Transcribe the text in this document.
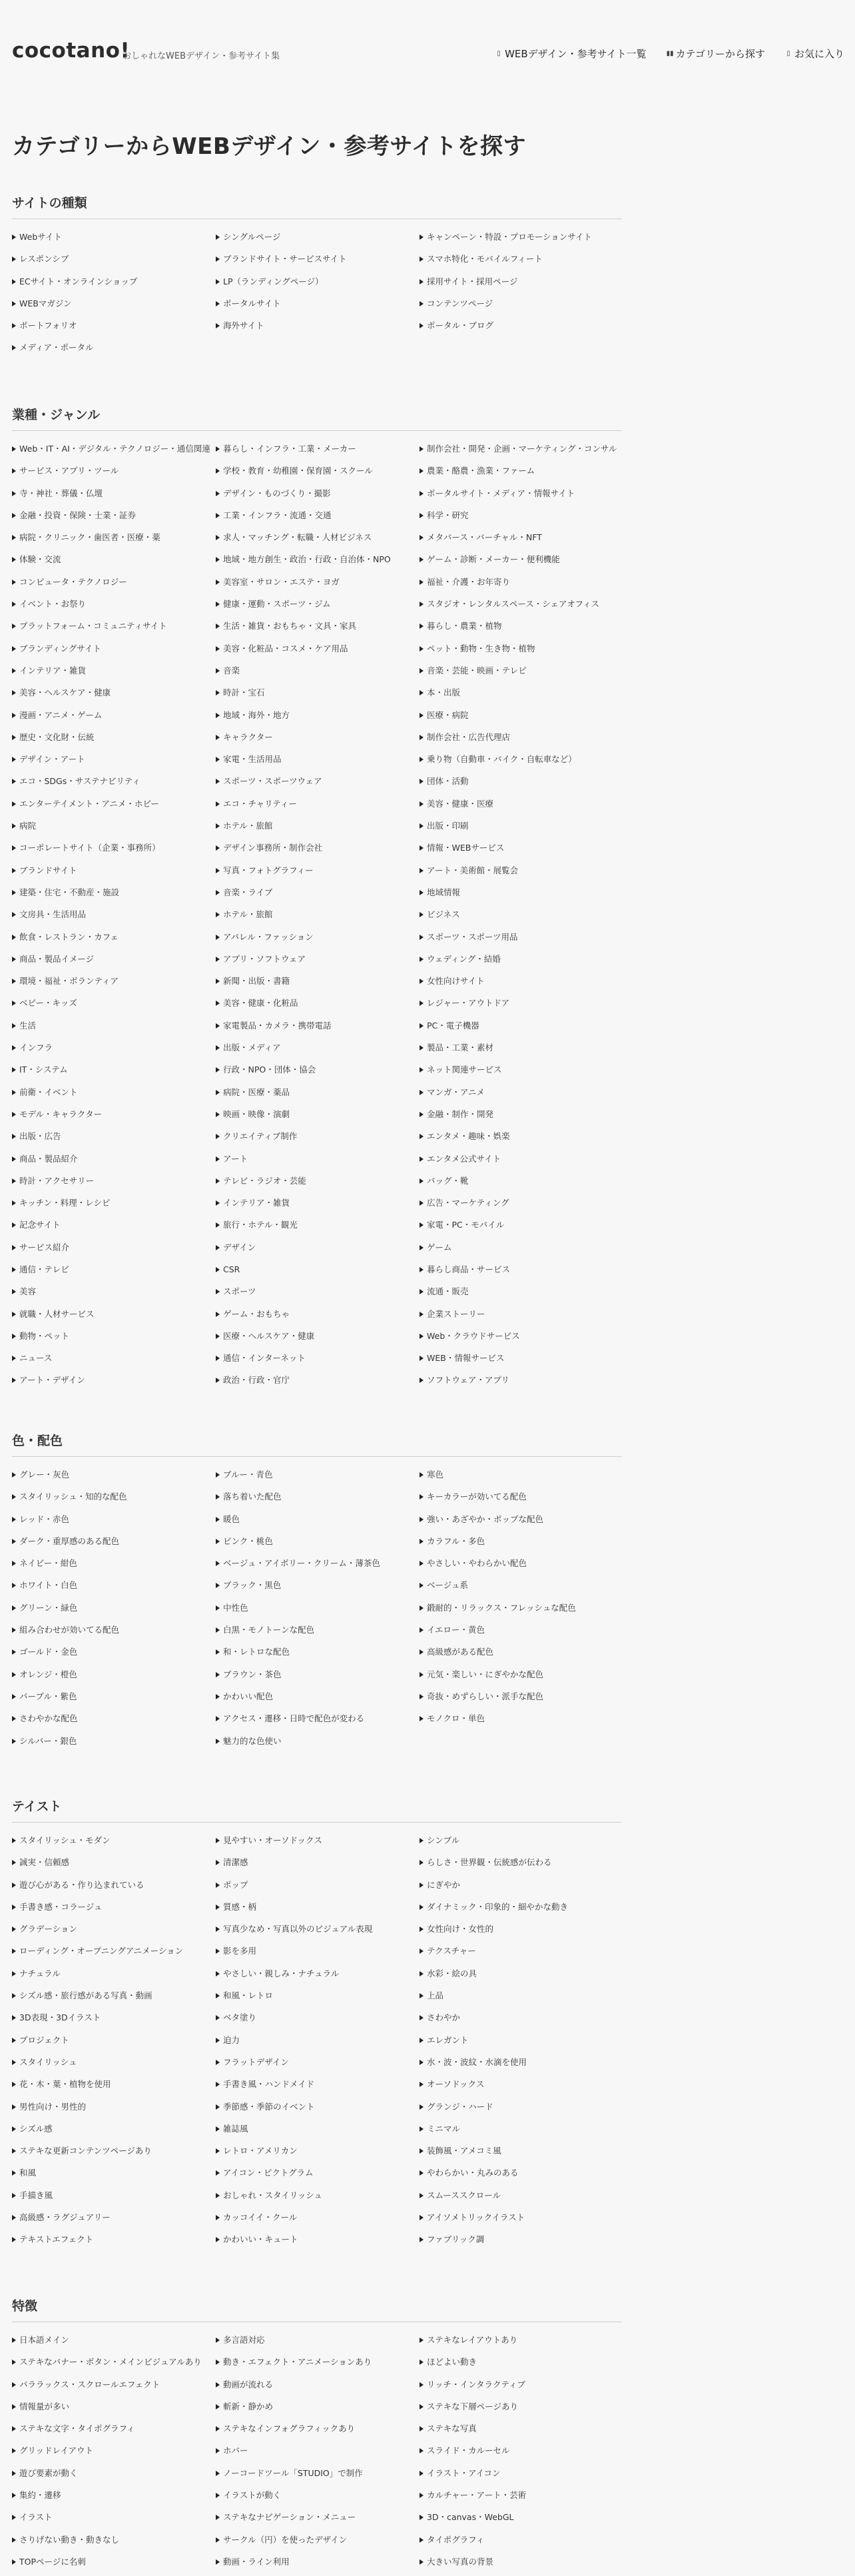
cocotano!
おしゃれなWEBデザイン・参考サイト集	▯ WEBデザイン・参考サイト一覧	▮▮ カテゴリーから探す	▯ お気に入り
カテゴリーからWEBデザイン・参考サイトを探す
サイトの種類
Webサイト	シングルページ	キャンペーン・特設・プロモーションサイト
レスポンシブ	ブランドサイト・サービスサイト	スマホ特化・モバイルフィート
ECサイト・オンラインショップ	LP（ランディングページ）	採用サイト・採用ページ
WEBマガジン	ポータルサイト	コンテンツページ
ポートフォリオ	海外サイト	ポータル・ブログ
メディア・ポータル
業種・ジャンル
Web・IT・AI・デジタル・テクノロジー・通信関連	暮らし・インフラ・工業・メーカー	制作会社・開発・企画・マーケティング・コンサル
サービス・アプリ・ツール	学校・教育・幼稚園・保育園・スクール	農業・酪農・漁業・ファーム
寺・神社・葬儀・仏壇	デザイン・ものづくり・撮影	ポータルサイト・メディア・情報サイト
金融・投資・保険・士業・証券	工業・インフラ・流通・交通	科学・研究
病院・クリニック・歯医者・医療・薬	求人・マッチング・転職・人材ビジネス	メタバース・バーチャル・NFT
体験・交流	地域・地方創生・政治・行政・自治体・NPO	ゲーム・診断・メーカー・便利機能
コンピュータ・テクノロジー	美容室・サロン・エステ・ヨガ	福祉・介護・お年寄り
イベント・お祭り	健康・運動・スポーツ・ジム	スタジオ・レンタルスペース・シェアオフィス
プラットフォーム・コミュニティサイト	生活・雑貨・おもちゃ・文具・家具	暮らし・農業・植物
ブランディングサイト	美容・化粧品・コスメ・ケア用品	ペット・動物・生き物・植物
インテリア・雑貨	音楽	音楽・芸能・映画・テレビ
美容・ヘルスケア・健康	時計・宝石	本・出版
漫画・アニメ・ゲーム	地域・海外・地方	医療・病院
歴史・文化財・伝統	キャラクター	制作会社・広告代理店
デザイン・アート	家電・生活用品	乗り物（自動車・バイク・自転車など）
エコ・SDGs・サステナビリティ	スポーツ・スポーツウェア	団体・活動
エンターテイメント・アニメ・ホビー	エコ・チャリティー	美容・健康・医療
病院	ホテル・旅館	出版・印刷
コーポレートサイト（企業・事務所）	デザイン事務所・制作会社	情報・WEBサービス
ブランドサイト	写真・フォトグラフィー	アート・美術館・展覧会
建築・住宅・不動産・施設	音楽・ライブ	地域情報
文房具・生活用品	ホテル・旅館	ビジネス
飲食・レストラン・カフェ	アパレル・ファッション	スポーツ・スポーツ用品
商品・製品イメージ	アプリ・ソフトウェア	ウェディング・結婚
環境・福祉・ボランティア	新聞・出版・書籍	女性向けサイト
ベビー・キッズ	美容・健康・化粧品	レジャー・アウトドア
生活	家電製品・カメラ・携帯電話	PC・電子機器
インフラ	出版・メディア	製品・工業・素材
IT・システム	行政・NPO・団体・協会	ネット関連サービス
前衛・イベント	病院・医療・薬品	マンガ・アニメ
モデル・キャラクター	映画・映像・演劇	金融・制作・開発
出版・広告	クリエイティブ制作	エンタメ・趣味・娯楽
商品・製品紹介	アート	エンタメ公式サイト
時計・アクセサリー	テレビ・ラジオ・芸能	バッグ・靴
キッチン・料理・レシピ	インテリア・雑貨	広告・マーケティング
記念サイト	旅行・ホテル・観光	家電・PC・モバイル
サービス紹介	デザイン	ゲーム
通信・テレビ	CSR	暮らし商品・サービス
美容	スポーツ	流通・販売
就職・人材サービス	ゲーム・おもちゃ	企業ストーリー
動物・ペット	医療・ヘルスケア・健康	Web・クラウドサービス
ニュース	通信・インターネット	WEB・情報サービス
アート・デザイン	政治・行政・官庁	ソフトウェア・アプリ
色・配色
グレー・灰色	ブルー・青色	寒色
スタイリッシュ・知的な配色	落ち着いた配色	キーカラーが効いてる配色
レッド・赤色	暖色	強い・あざやか・ポップな配色
ダーク・重厚感のある配色	ピンク・桃色	カラフル・多色
ネイビー・紺色	ベージュ・アイボリー・クリーム・薄茶色	やさしい・やわらかい配色
ホワイト・白色	ブラック・黒色	ベージュ系
グリーン・緑色	中性色	鍛耐的・リラックス・フレッシュな配色
組み合わせが効いてる配色	白黒・モノトーンな配色	イエロー・黄色
ゴールド・金色	和・レトロな配色	高級感がある配色
オレンジ・橙色	ブラウン・茶色	元気・楽しい・にぎやかな配色
パープル・紫色	かわいい配色	奇抜・めずらしい・派手な配色
さわやかな配色	アクセス・遷移・日時で配色が変わる	モノクロ・単色
シルバー・銀色	魅力的な色使い
テイスト
スタイリッシュ・モダン	見やすい・オーソドックス	シンプル
誠実・信頼感	清潔感	らしさ・世界観・伝統感が伝わる
遊び心がある・作り込まれている	ポップ	にぎやか
手書き感・コラージュ	質感・柄	ダイナミック・印象的・細やかな動き
グラデーション	写真少なめ・写真以外のビジュアル表現	女性向け・女性的
ローディング・オープニングアニメーション	影を多用	テクスチャー
ナチュラル	やさしい・親しみ・ナチュラル	水彩・絵の具
シズル感・旅行感がある写真・動画	和風・レトロ	上品
3D表現・3Dイラスト	ベタ塗り	さわやか
プロジェクト	迫力	エレガント
スタイリッシュ	フラットデザイン	水・波・波紋・水滴を使用
花・木・葉・植物を使用	手書き風・ハンドメイド	オーソドックス
男性向け・男性的	季節感・季節のイベント	グランジ・ハード
シズル感	雑誌風	ミニマル
ステキな更新コンテンツページあり	レトロ・アメリカン	装飾風・アメコミ風
和風	アイコン・ピクトグラム	やわらかい・丸みのある
手描き風	おしゃれ・スタイリッシュ	スムーススクロール
高級感・ラグジュアリー	カッコイイ・クール	アイソメトリックイラスト
テキストエフェクト	かわいい・キュート	ファブリック調
特徴
日本語メイン	多言語対応	ステキなレイアウトあり
ステキなバナー・ボタン・メインビジュアルあり	動き・エフェクト・アニメーションあり	ほどよい動き
パララックス・スクロールエフェクト	動画が流れる	リッチ・インタラクティブ
情報量が多い	斬新・静かめ	ステキな下層ページあり
ステキな文字・タイポグラフィ	ステキなインフォグラフィックあり	ステキな写真
グリッドレイアウト	ホバー	スライド・カルーセル
遊び要素が動く	ノーコードツール「STUDIO」で制作	イラスト・アイコン
集約・遷移	イラストが動く	カルチャー・アート・芸術
イラスト	ステキなナビゲーション・メニュー	3D・canvas・WebGL
さりげない動き・動きなし	サークル（円）を使ったデザイン	タイポグラフィ
TOPページに名刺	動画・ライン利用	大きい写真の背景
